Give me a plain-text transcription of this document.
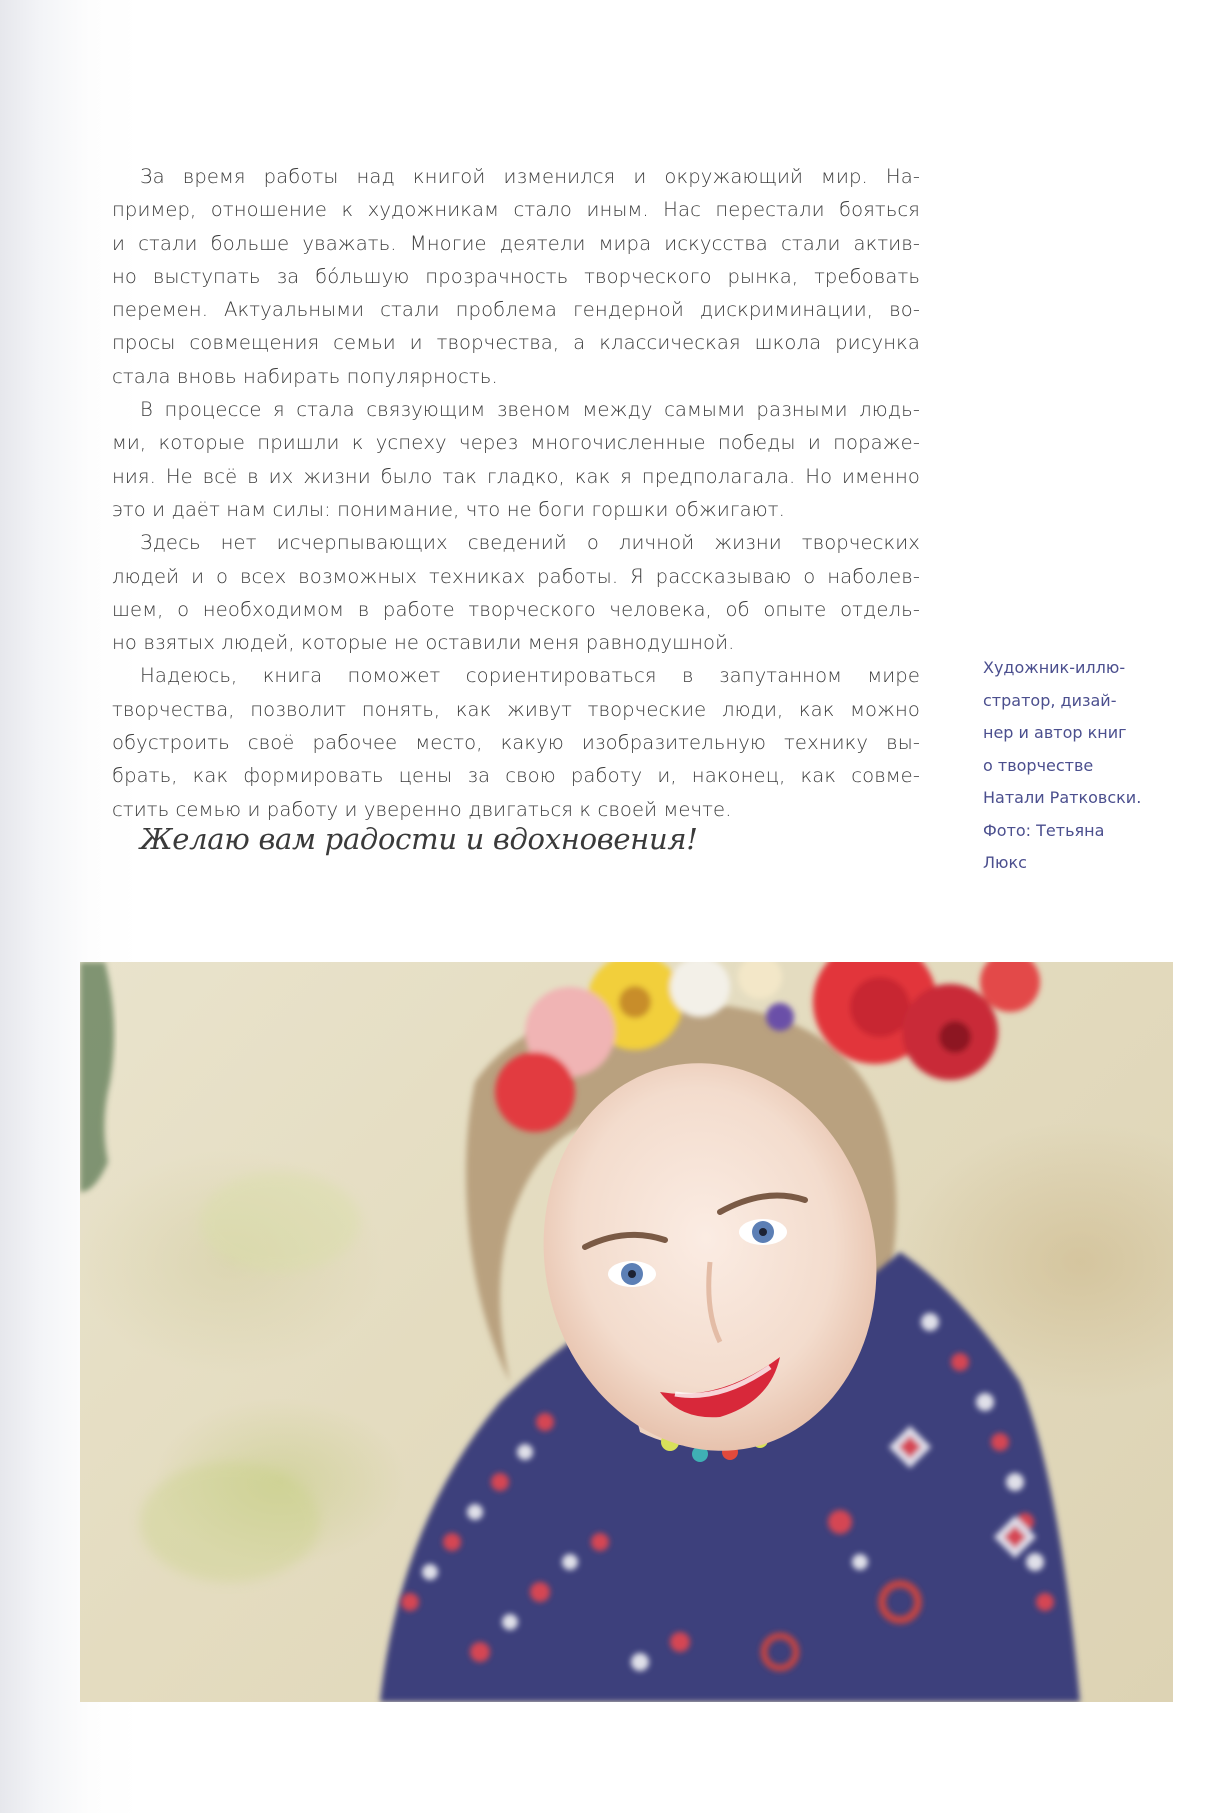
За время работы над книгой изменился и окружающий мир. На-
пример, отношение к художникам стало иным. Нас перестали бояться
и стали больше уважать. Многие деятели мира искусства стали актив-
но выступать за бóльшую прозрачность творческого рынка, требовать
перемен. Актуальными стали проблема гендерной дискриминации, во-
просы совмещения семьи и творчества, а классическая школа рисунка
стала вновь набирать популярность.
В процессе я стала связующим звеном между самыми разными людь-
ми, которые пришли к успеху через многочисленные победы и пораже-
ния. Не всё в их жизни было так гладко, как я предполагала. Но именно
это и даёт нам силы: понимание, что не боги горшки обжигают.
Здесь нет исчерпывающих сведений о личной жизни творческих
людей и о всех возможных техниках работы. Я рассказываю о наболев-
шем, о необходимом в работе творческого человека, об опыте отдель-
но взятых людей, которые не оставили меня равнодушной.
Надеюсь, книга поможет сориентироваться в запутанном мире
творчества, позволит понять, как живут творческие люди, как можно
обустроить своё рабочее место, какую изобразительную технику вы-
брать, как формировать цены за свою работу и, наконец, как совме-
стить семью и работу и уверенно двигаться к своей мечте.
Желаю вам радости и вдохновения!
Художник-иллю-
стратор, дизай-
нер и автор книг
о творчестве
Натали Ратковски.
Фото: Тетьяна
Люкс
